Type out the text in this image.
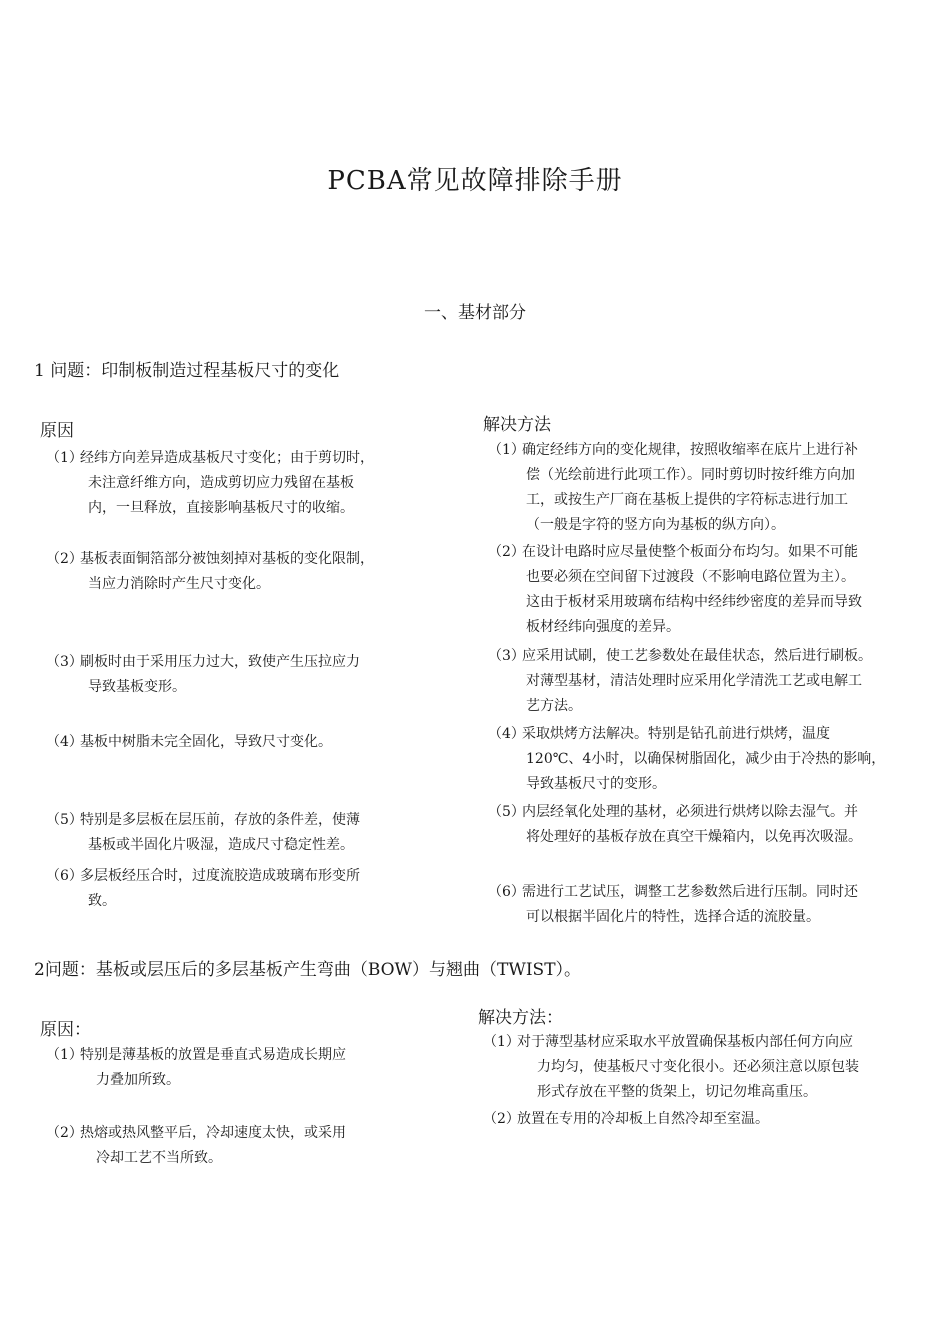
PCBA常见故障排除手册
一、基材部分
1 问题：印制板制造过程基板尺寸的变化
原因	解决方法
（1）
经纬方向差异造成基板尺寸变化；由于剪切时，
未注意纤维方向，造成剪切应力残留在基板
内，一旦释放，直接影响基板尺寸的收缩。
（2）
基板表面铜箔部分被蚀刻掉对基板的变化限制，
当应力消除时产生尺寸变化。
（3）
刷板时由于采用压力过大，致使产生压拉应力
导致基板变形。
（4）
基板中树脂未完全固化，导致尺寸变化。
（5）
特别是多层板在层压前，存放的条件差，使薄
基板或半固化片吸湿，造成尺寸稳定性差。
（6）
多层板经压合时，过度流胶造成玻璃布形变所
致。
（1）
确定经纬方向的变化规律，按照收缩率在底片上进行补
偿（光绘前进行此项工作）。同时剪切时按纤维方向加
工，或按生产厂商在基板上提供的字符标志进行加工
（一般是字符的竖方向为基板的纵方向）。
（2）
在设计电路时应尽量使整个板面分布均匀。如果不可能
也要必须在空间留下过渡段（不影响电路位置为主）。
这由于板材采用玻璃布结构中经纬纱密度的差异而导致
板材经纬向强度的差异。
（3）
应采用试刷，使工艺参数处在最佳状态，然后进行刷板。
对薄型基材，清洁处理时应采用化学清洗工艺或电解工
艺方法。
（4）
采取烘烤方法解决。特别是钻孔前进行烘烤，温度
120℃、4小时，以确保树脂固化，减少由于冷热的影响，
导致基板尺寸的变形。
（5）
内层经氧化处理的基材，必须进行烘烤以除去湿气。并
将处理好的基板存放在真空干燥箱内，以免再次吸湿。
（6）
需进行工艺试压，调整工艺参数然后进行压制。同时还
可以根据半固化片的特性，选择合适的流胶量。
2问题：基板或层压后的多层基板产生弯曲（BOW）与翘曲（TWIST）。
原因：
解决方法：
（1）
特别是薄基板的放置是垂直式易造成长期应
力叠加所致。
（2）
热熔或热风整平后，冷却速度太快，或采用
冷却工艺不当所致。
（1）
对于薄型基材应采取水平放置确保基板内部任何方向应
力均匀，使基板尺寸变化很小。还必须注意以原包装
形式存放在平整的货架上，切记勿堆高重压。
（2）
放置在专用的冷却板上自然冷却至室温。
